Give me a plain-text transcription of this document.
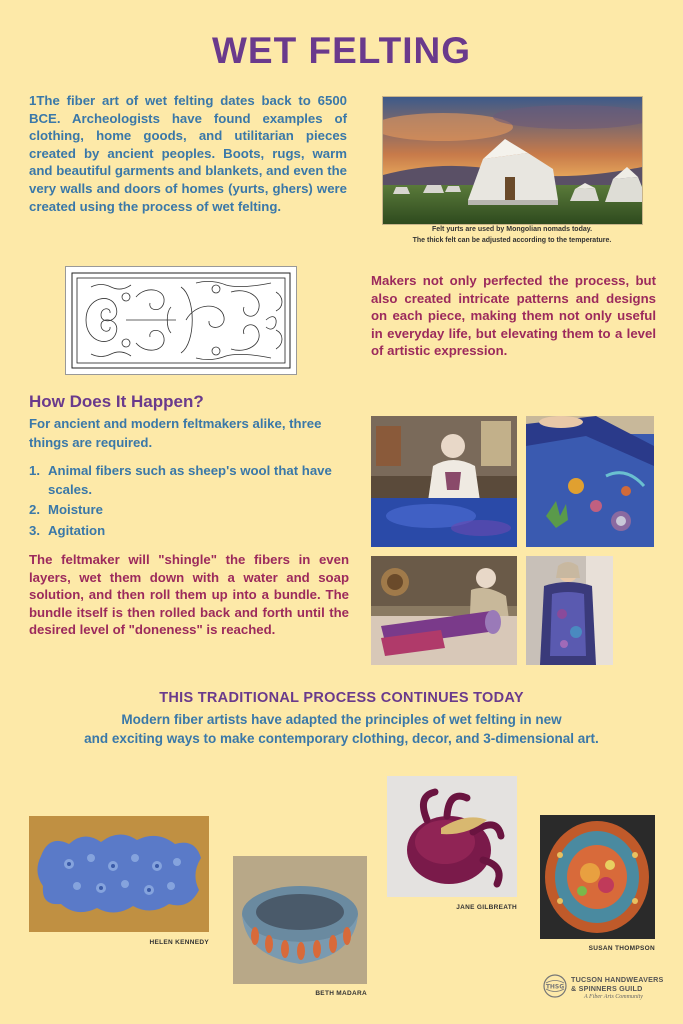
WET FELTING
1The fiber art of wet felting dates back to 6500 BCE. Archeologists have found examples of clothing, home goods, and utilitarian pieces created by ancient peoples. Boots, rugs, warm and beautiful garments and blankets, and even the very walls and doors of homes (yurts, ghers) were created using the process of wet felting.
Felt yurts are used by Mongolian nomads today.
The thick felt can be adjusted according to the temperature.
Makers not only perfected the process, but also created intricate patterns and designs on each piece, making them not only useful in everyday life, but elevating them to a level of artistic expression.
How Does It Happen?
For ancient and modern feltmakers alike, three things are required.
1. Animal fibers such as sheep's wool that have scales.
2. Moisture
3. Agitation
The feltmaker will "shingle" the fibers in even layers, wet them down with a water and soap solution, and then roll them up into a bundle. The bundle itself is then rolled back and forth until the desired level of "doneness" is reached.
THIS TRADITIONAL PROCESS CONTINUES TODAY
Modern fiber artists have adapted the principles of wet felting in new
and exciting ways to make contemporary clothing, decor, and 3-dimensional art.
HELEN KENNEDY
BETH MADARA
JANE GILBREATH
SUSAN THOMPSON
THSG
TUCSON HANDWEAVERS
& SPINNERS GUILD
A Fiber Arts Community
